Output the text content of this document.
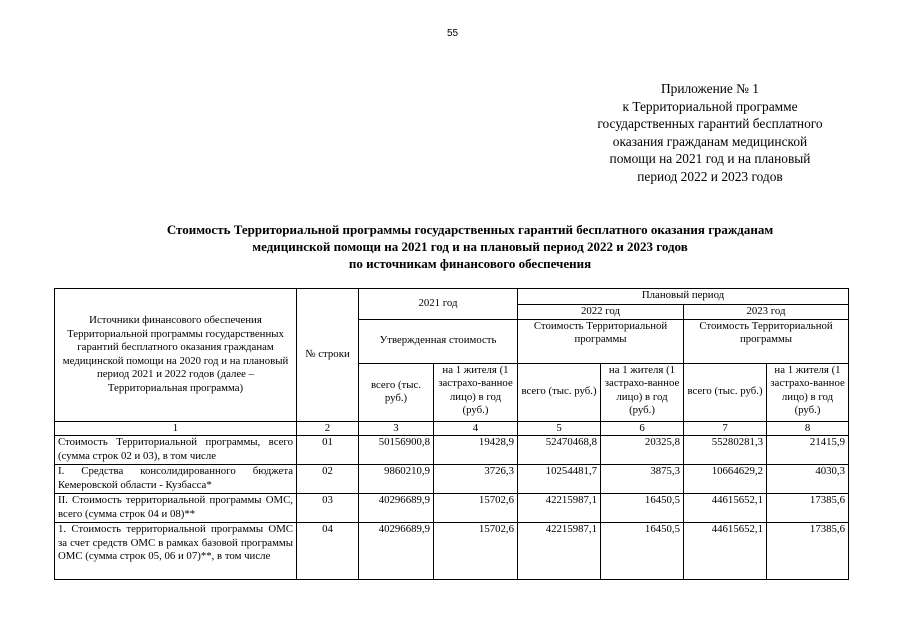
55
Приложение № 1
к Территориальной программе
государственных гарантий бесплатного
оказания гражданам медицинской
помощи на 2021 год и на плановый
период 2022 и 2023 годов
Стоимость Территориальной программы государственных гарантий бесплатного оказания гражданам
медицинской помощи на 2021 год и на плановый период 2022 и 2023 годов
по источникам финансового обеспечения
Источники финансового обеспечения Территориальной программы государственных гарантий бесплатного оказания гражданам медицинской помощи на 2020 год и на плановый период 2021 и 2022 годов (далее – Территориальная программа)	№ строки	2021 год		Плановый период			
				2022 год		2023 год	
		Утвержденная стоимость		Стоимость Территориальной программы		Стоимость Территориальной программы	
		всего (тыс. руб.)	на 1 жителя (1 застрахо-ванное лицо) в год (руб.)	всего (тыс. руб.)	на 1 жителя (1 застрахо-ванное лицо) в год (руб.)	всего (тыс. руб.)	на 1 жителя (1 застрахо-ванное лицо) в год (руб.)
1	2	3	4	5	6	7	8
Стоимость Территориальной программы, всего (сумма строк 02 и 03), в том числе	01	50156900,8	19428,9	52470468,8	20325,8	55280281,3	21415,9
I. Средства консолидированного бюджета Кемеровской области - Кузбасса*	02	9860210,9	3726,3	10254481,7	3875,3	10664629,2	4030,3
II. Стоимость территориальной программы ОМС, всего (сумма строк 04 и 08)**	03	40296689,9	15702,6	42215987,1	16450,5	44615652,1	17385,6
1. Стоимость территориальной программы ОМС за счет средств ОМС в рамках базовой программы ОМС (сумма строк 05, 06 и 07)**, в том числе	04	40296689,9	15702,6	42215987,1	16450,5	44615652,1	17385,6
